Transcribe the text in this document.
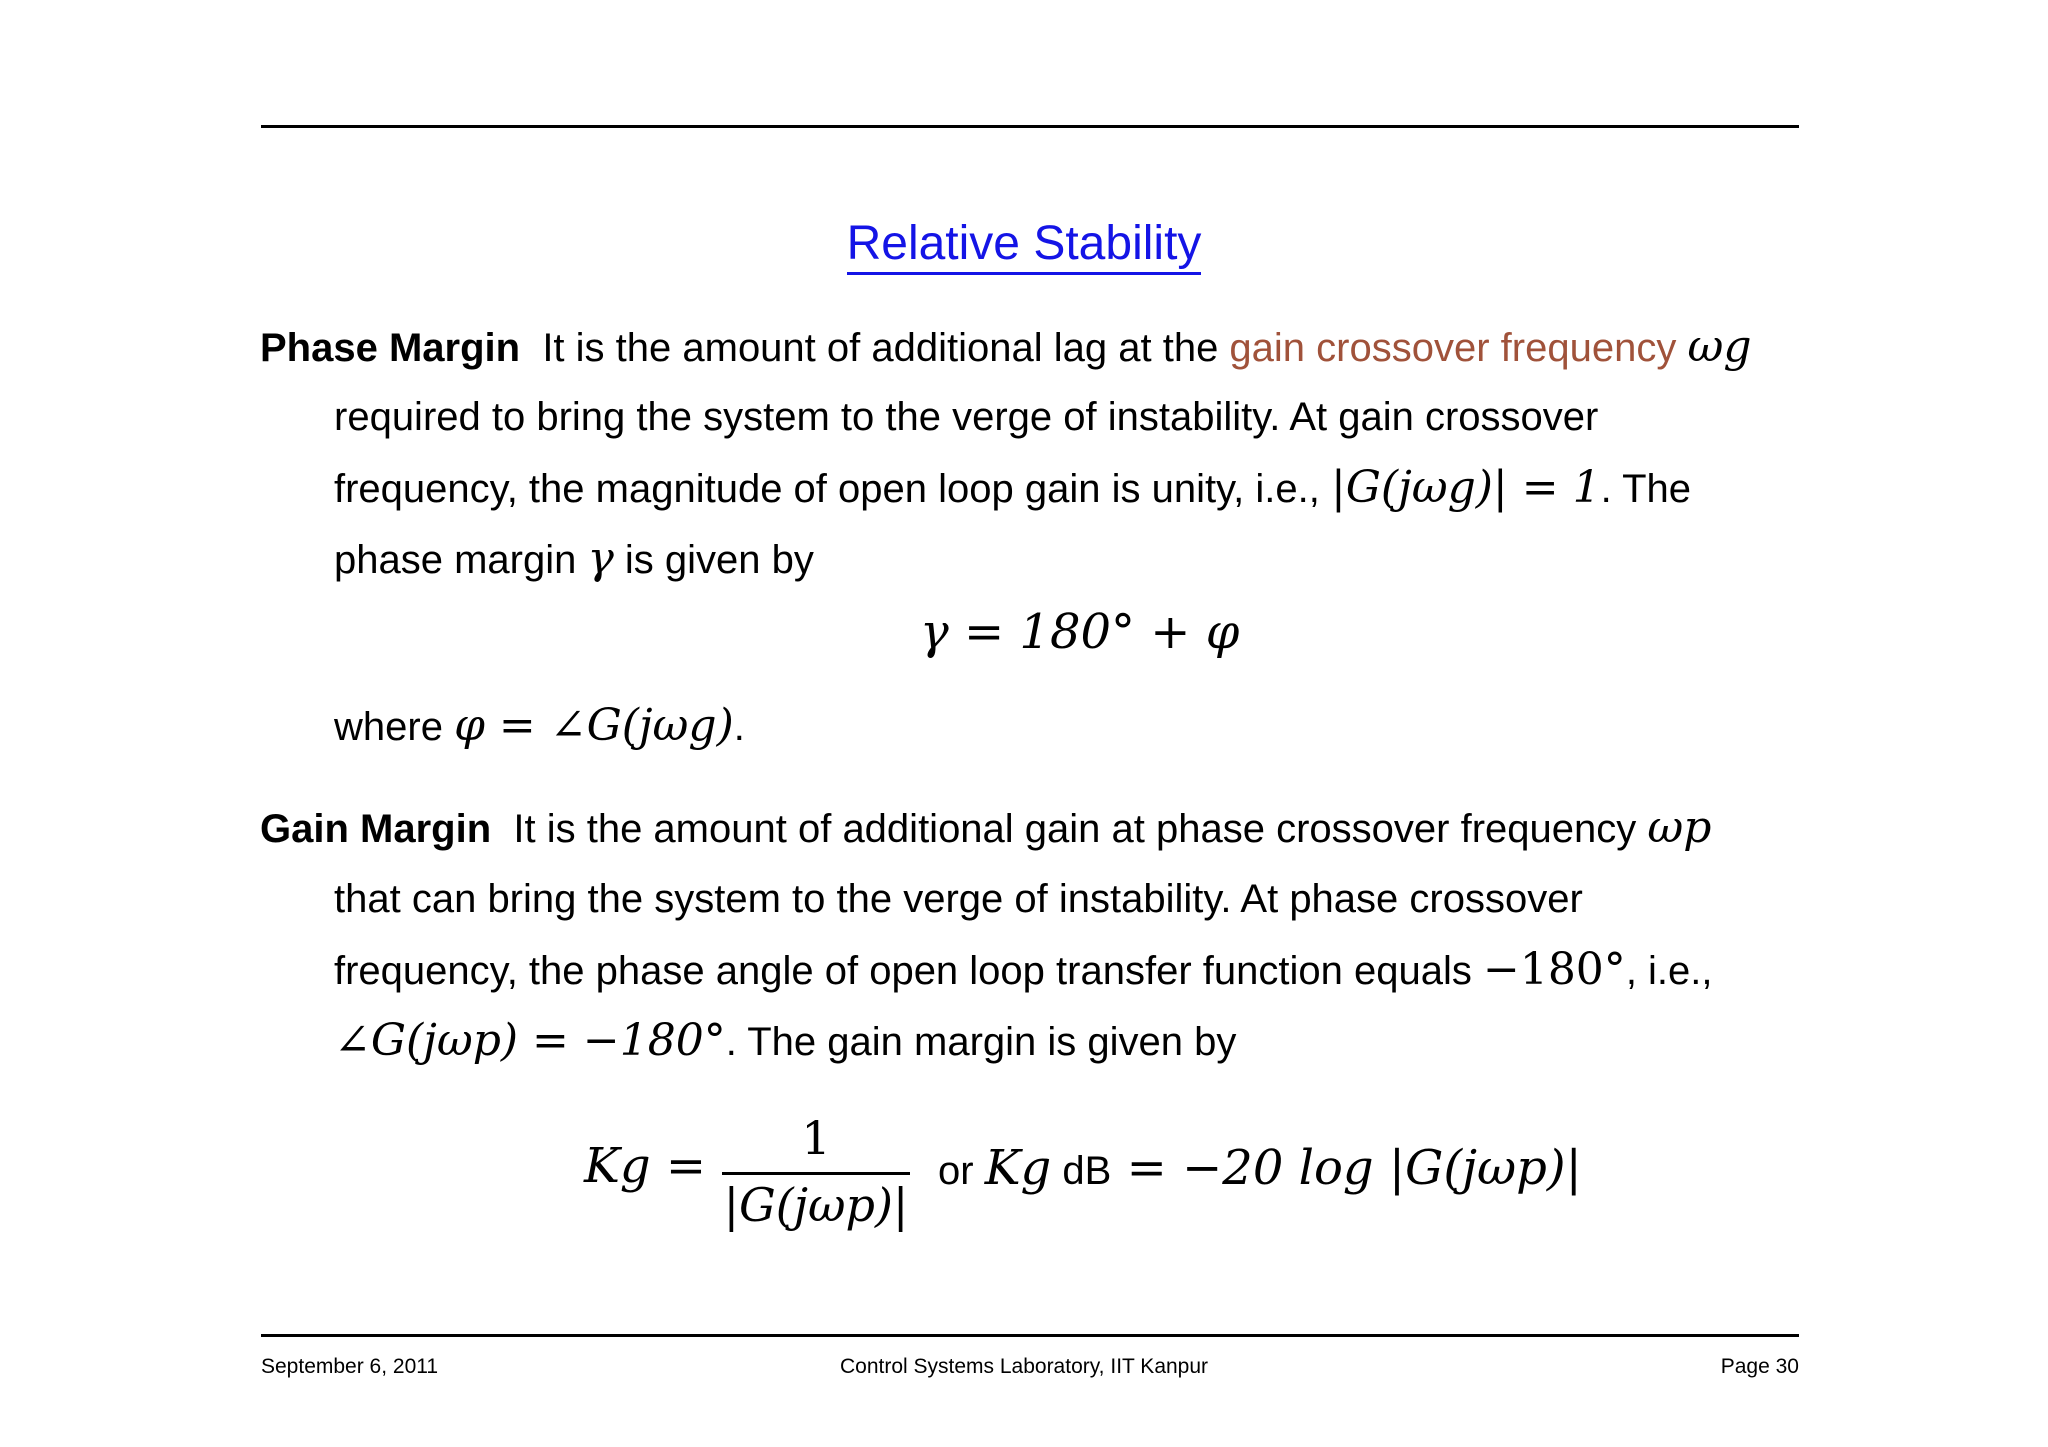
Relative Stability
Phase Margin It is the amount of additional lag at the gain crossover frequency ωg
required to bring the system to the verge of instability. At gain crossover
frequency, the magnitude of open loop gain is unity, i.e., |G(jωg)| = 1. The
phase margin γ is given by
γ = 180° + φ
where φ = ∠G(jωg).
Gain Margin It is the amount of additional gain at phase crossover frequency ωp
that can bring the system to the verge of instability. At phase crossover
frequency, the phase angle of open loop transfer function equals −180°, i.e.,
∠G(jωp) = −180°. The gain margin is given by
Kg =	1
|G(jωp)|
or Kg dB = −20 log |G(jωp)|
September 6, 2011	Control Systems Laboratory, IIT Kanpur	Page 30
